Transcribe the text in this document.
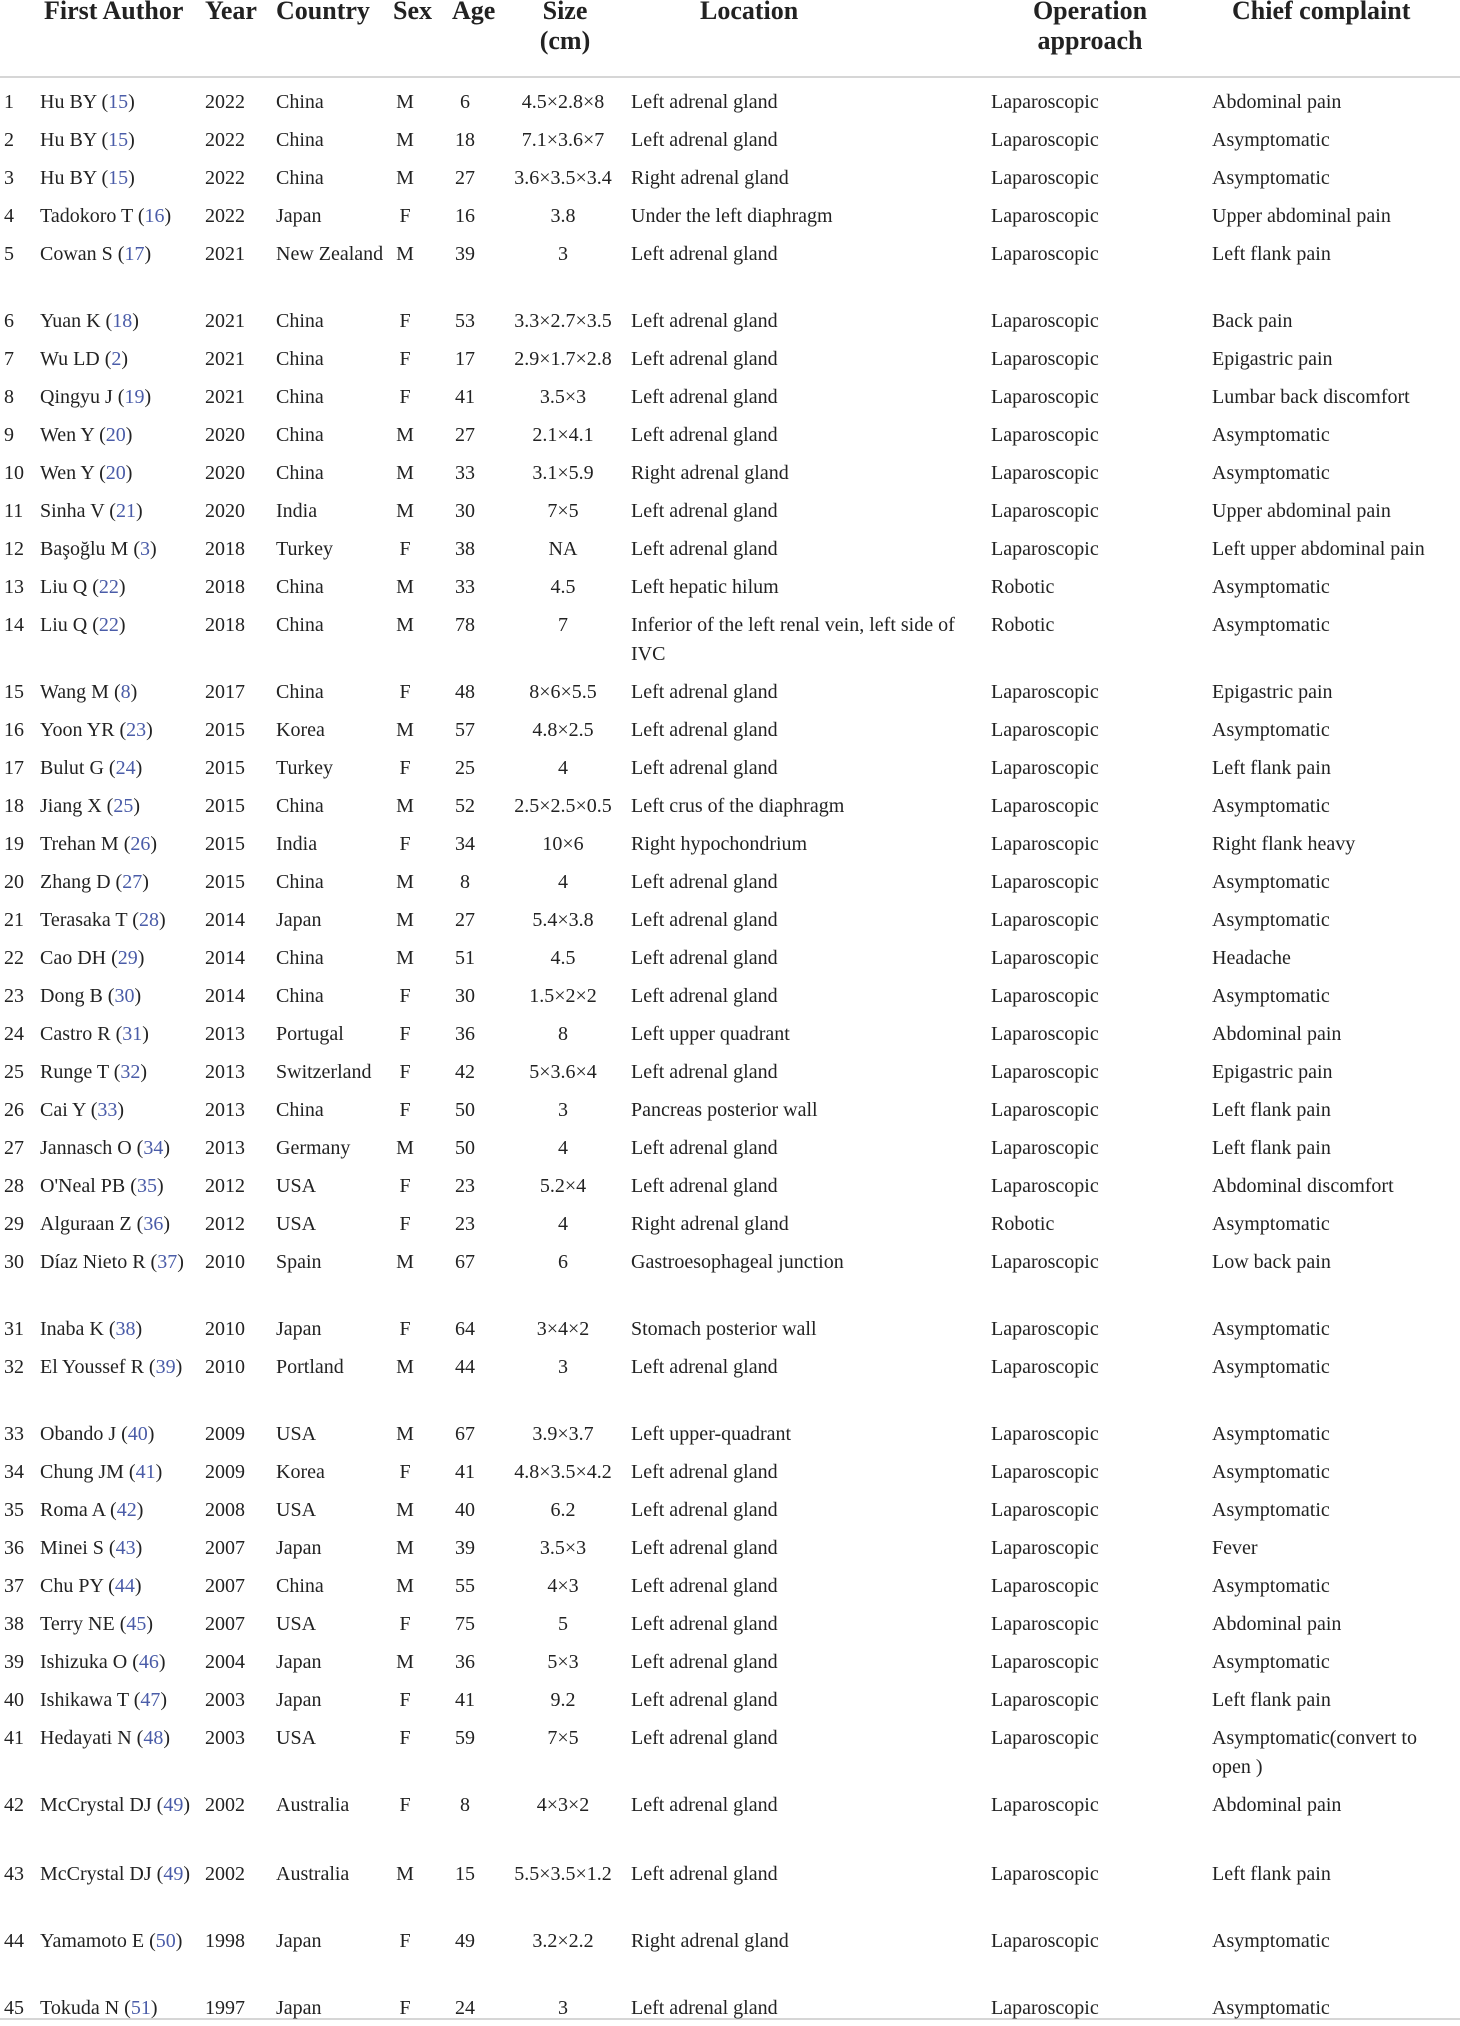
First Author Year Country Sex Age	Size
(cm)
Location	Operation
approach
Chief complaint
1	Hu BY (15)	2022	China	M	6	4.5×2.8×8	Left adrenal gland	Laparoscopic	Abdominal pain
2	Hu BY (15)	2022	China	M	18	7.1×3.6×7	Left adrenal gland	Laparoscopic	Asymptomatic
3	Hu BY (15)	2022	China	M	27	3.6×3.5×3.4 Right adrenal gland	Laparoscopic	Asymptomatic
4	Tadokoro T (16)	2022	Japan	F	16	3.8	Under the left diaphragm	Laparoscopic	Upper abdominal pain
5	Cowan S (17)	2021	New Zealand M	39	3	Left adrenal gland	Laparoscopic	Left flank pain
6	Yuan K (18)	2021	China	F	53	3.3×2.7×3.5 Left adrenal gland	Laparoscopic	Back pain
7	Wu LD (2)	2021	China	F	17	2.9×1.7×2.8 Left adrenal gland	Laparoscopic	Epigastric pain
8	Qingyu J (19)	2021	China	F	41	3.5×3	Left adrenal gland	Laparoscopic	Lumbar back discomfort
9	Wen Y (20)	2020	China	M	27	2.1×4.1	Left adrenal gland	Laparoscopic	Asymptomatic
10 Wen Y (20)	2020	China	M	33	3.1×5.9	Right adrenal gland	Laparoscopic	Asymptomatic
11 Sinha V (21)	2020	India	M	30	7×5	Left adrenal gland	Laparoscopic	Upper abdominal pain
12 Başoğlu M (3)	2018	Turkey	F	38	NA	Left adrenal gland	Laparoscopic	Left upper abdominal pain
13 Liu Q (22)	2018	China	M	33	4.5	Left hepatic hilum	Robotic	Asymptomatic
14 Liu Q (22)	2018	China	M	78	7	Inferior of the left renal vein, left side of IVC
Robotic	Asymptomatic
15 Wang M (8)	2017	China	F	48	8×6×5.5	Left adrenal gland	Laparoscopic	Epigastric pain
16 Yoon YR (23)	2015	Korea	M	57	4.8×2.5	Left adrenal gland	Laparoscopic	Asymptomatic
17 Bulut G (24)	2015	Turkey	F	25	4	Left adrenal gland	Laparoscopic	Left flank pain
18 Jiang X (25)	2015	China	M	52	2.5×2.5×0.5 Left crus of the diaphragm	Laparoscopic	Asymptomatic
19 Trehan M (26)	2015	India	F	34	10×6	Right hypochondrium	Laparoscopic	Right flank heavy
20 Zhang D (27)	2015	China	M	8	4	Left adrenal gland	Laparoscopic	Asymptomatic
21 Terasaka T (28)	2014	Japan	M	27	5.4×3.8	Left adrenal gland	Laparoscopic	Asymptomatic
22 Cao DH (29)	2014	China	M	51	4.5	Left adrenal gland	Laparoscopic	Headache
23 Dong B (30)	2014	China	F	30	1.5×2×2	Left adrenal gland	Laparoscopic	Asymptomatic
24 Castro R (31)	2013	Portugal	F	36	8	Left upper quadrant	Laparoscopic	Abdominal pain
25 Runge T (32)	2013	Switzerland	F	42	5×3.6×4	Left adrenal gland	Laparoscopic	Epigastric pain
26 Cai Y (33)	2013	China	F	50	3	Pancreas posterior wall	Laparoscopic	Left flank pain
27 Jannasch O (34)	2013	Germany	M	50	4	Left adrenal gland	Laparoscopic	Left flank pain
28 O'Neal PB (35)	2012	USA	F	23	5.2×4	Left adrenal gland	Laparoscopic	Abdominal discomfort
29 Alguraan Z (36)	2012	USA	F	23	4	Right adrenal gland	Robotic	Asymptomatic
30 Díaz Nieto R (37)	2010	Spain	M	67	6	Gastroesophageal junction	Laparoscopic	Low back pain
31 Inaba K (38)	2010	Japan	F	64	3×4×2	Stomach posterior wall	Laparoscopic	Asymptomatic
32 El Youssef R (39)	2010	Portland	M	44	3	Left adrenal gland	Laparoscopic	Asymptomatic
33 Obando J (40)	2009	USA	M	67	3.9×3.7	Left upper-quadrant	Laparoscopic	Asymptomatic
34 Chung JM (41)	2009	Korea	F	41	4.8×3.5×4.2 Left adrenal gland	Laparoscopic	Asymptomatic
35 Roma A (42)	2008	USA	M	40	6.2	Left adrenal gland	Laparoscopic	Asymptomatic
36 Minei S (43)	2007	Japan	M	39	3.5×3	Left adrenal gland	Laparoscopic	Fever
37 Chu PY (44)	2007	China	M	55	4×3	Left adrenal gland	Laparoscopic	Asymptomatic
38 Terry NE (45)	2007	USA	F	75	5	Left adrenal gland	Laparoscopic	Abdominal pain
39 Ishizuka O (46)	2004	Japan	M	36	5×3	Left adrenal gland	Laparoscopic	Asymptomatic
40 Ishikawa T (47)	2003	Japan	F	41	9.2	Left adrenal gland	Laparoscopic	Left flank pain
41 Hedayati N (48)	2003	USA	F	59	7×5	Left adrenal gland	Laparoscopic	Asymptomatic(convert to open )
42 McCrystal DJ (49) 2002	Australia	F	8	4×3×2	Left adrenal gland	Laparoscopic	Abdominal pain
43 McCrystal DJ (49) 2002	Australia	M	15	5.5×3.5×1.2 Left adrenal gland	Laparoscopic	Left flank pain
44 Yamamoto E (50)	1998	Japan	F	49	3.2×2.2	Right adrenal gland	Laparoscopic	Asymptomatic
45 Tokuda N (51)	1997	Japan	F	24	3	Left adrenal gland	Laparoscopic	Asymptomatic
